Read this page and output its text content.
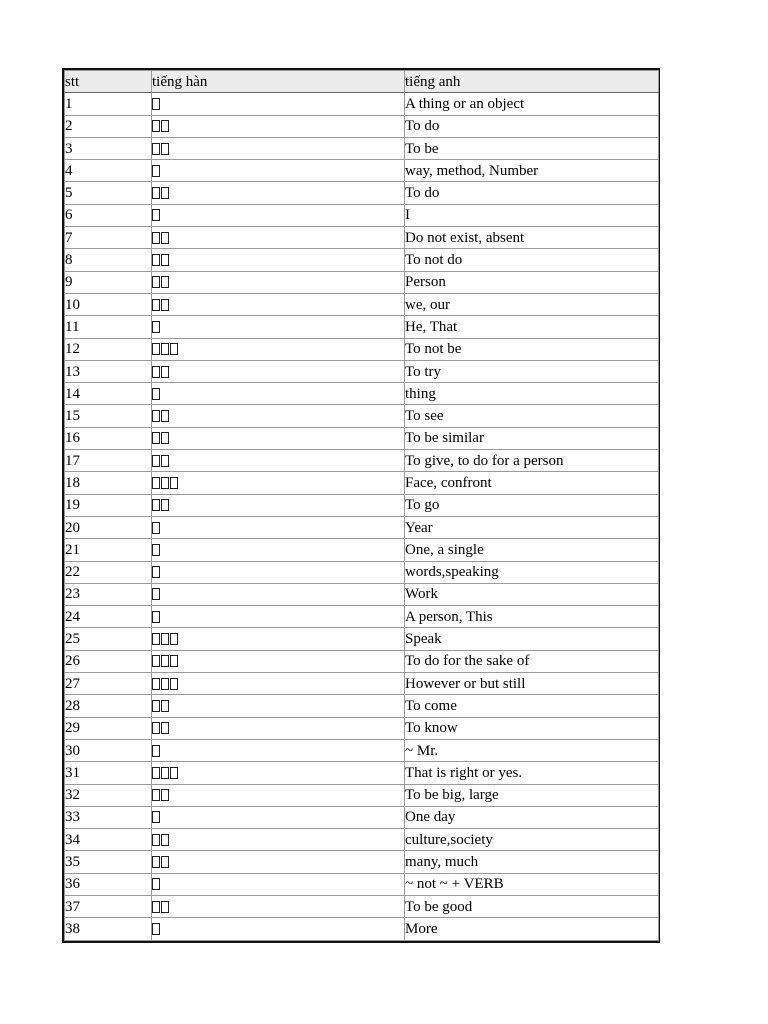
stt	tiếng hàn	tiếng anh
1		A thing or an object
2		To do
3		To be
4		way, method, Number
5		To do
6		I
7		Do not exist, absent
8		To not do
9		Person
10		we, our
11		He, That
12		To not be
13		To try
14		thing
15		To see
16		To be similar
17		To give, to do for a person
18		Face, confront
19		To go
20		Year
21		One, a single
22		words,speaking
23		Work
24		A person, This
25		Speak
26		To do for the sake of
27		However or but still
28		To come
29		To know
30		~ Mr.
31		That is right or yes.
32		To be big, large
33		One day
34		culture,society
35		many, much
36		~ not ~ + VERB
37		To be good
38		More
